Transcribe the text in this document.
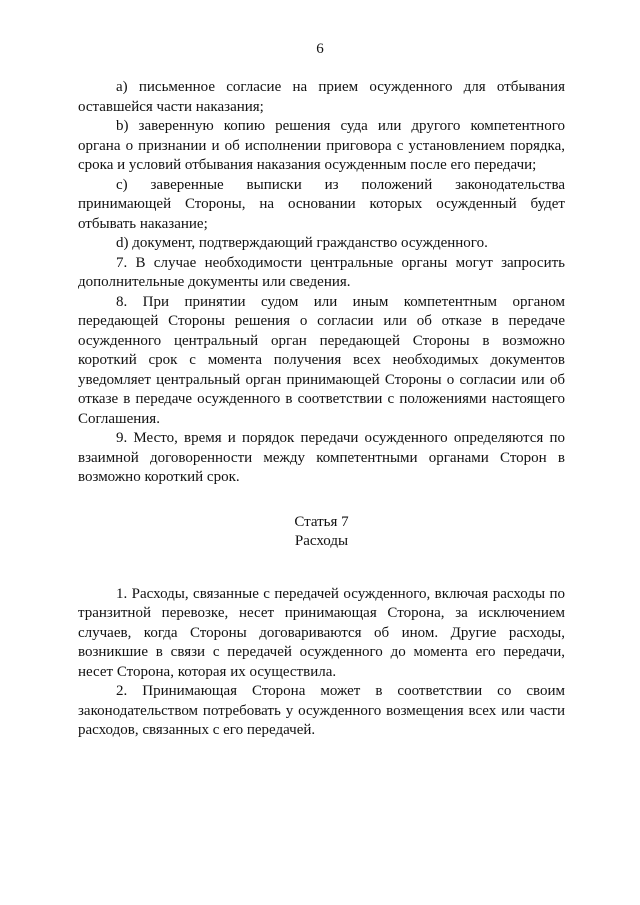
6

a) письменное согласие на прием осужденного для отбывания оставшейся части наказания;

b) заверенную копию решения суда или другого компетентного органа о признании и об исполнении приговора с установлением порядка, срока и условий отбывания наказания осужденным после его передачи;

c) заверенные выписки из положений законодательства принимающей Стороны, на основании которых осужденный будет отбывать наказание;

d) документ, подтверждающий гражданство осужденного.

7. В случае необходимости центральные органы могут запросить дополнительные документы или сведения.

8. При принятии судом или иным компетентным органом передающей Стороны решения о согласии или об отказе в передаче осужденного центральный орган передающей Стороны в возможно короткий срок с момента получения всех необходимых документов уведомляет центральный орган принимающей Стороны о согласии или об отказе в передаче осужденного в соответствии с положениями настоящего Соглашения.

9. Место, время и порядок передачи осужденного определяются по взаимной договоренности между компетентными органами Сторон в возможно короткий срок.

Статья 7
Расходы

1. Расходы, связанные с передачей осужденного, включая расходы по транзитной перевозке, несет принимающая Сторона, за исключением случаев, когда Стороны договариваются об ином. Другие расходы, возникшие в связи с передачей осужденного до момента его передачи, несет Сторона, которая их осуществила.

2. Принимающая Сторона может в соответствии со своим законодательством потребовать у осужденного возмещения всех или части расходов, связанных с его передачей.
